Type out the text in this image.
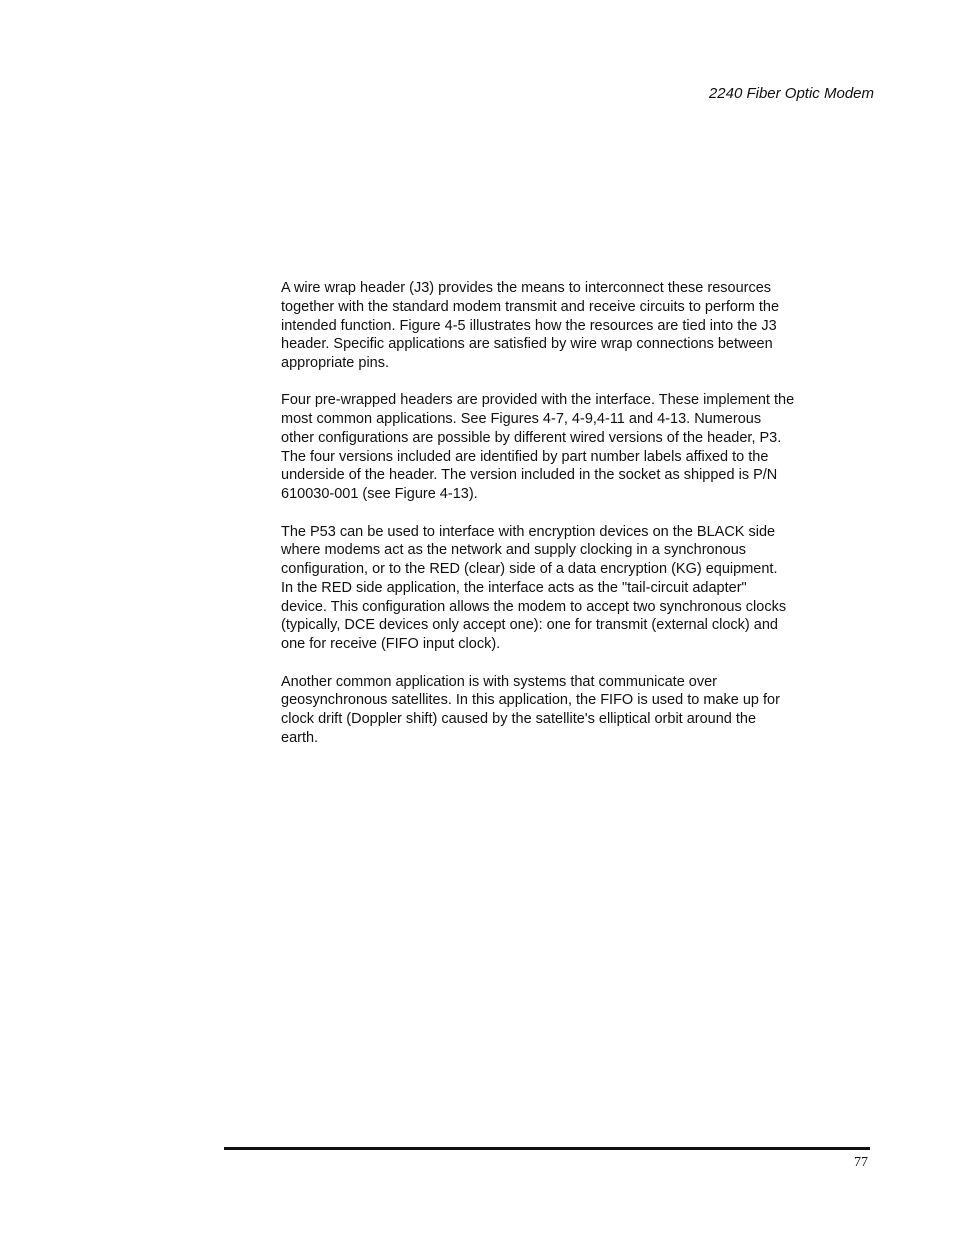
2240 Fiber Optic Modem

A wire wrap header (J3) provides the means to interconnect these resources
together with the standard modem transmit and receive circuits to perform the
intended function. Figure 4-5 illustrates how the resources are tied into the J3
header. Specific applications are satisfied by wire wrap connections between
appropriate pins.

Four pre-wrapped headers are provided with the interface. These implement the
most common applications. See Figures 4-7, 4-9,4-11 and 4-13. Numerous
other configurations are possible by different wired versions of the header, P3.
The four versions included are identified by part number labels affixed to the
underside of the header. The version included in the socket as shipped is P/N
610030-001 (see Figure 4-13).

The P53 can be used to interface with encryption devices on the BLACK side
where modems act as the network and supply clocking in a synchronous
configuration, or to the RED (clear) side of a data encryption (KG) equipment.
In the RED side application, the interface acts as the "tail-circuit adapter"
device. This configuration allows the modem to accept two synchronous clocks
(typically, DCE devices only accept one): one for transmit (external clock) and
one for receive (FIFO input clock).

Another common application is with systems that communicate over
geosynchronous satellites. In this application, the FIFO is used to make up for
clock drift (Doppler shift) caused by the satellite's elliptical orbit around the
earth.

77
